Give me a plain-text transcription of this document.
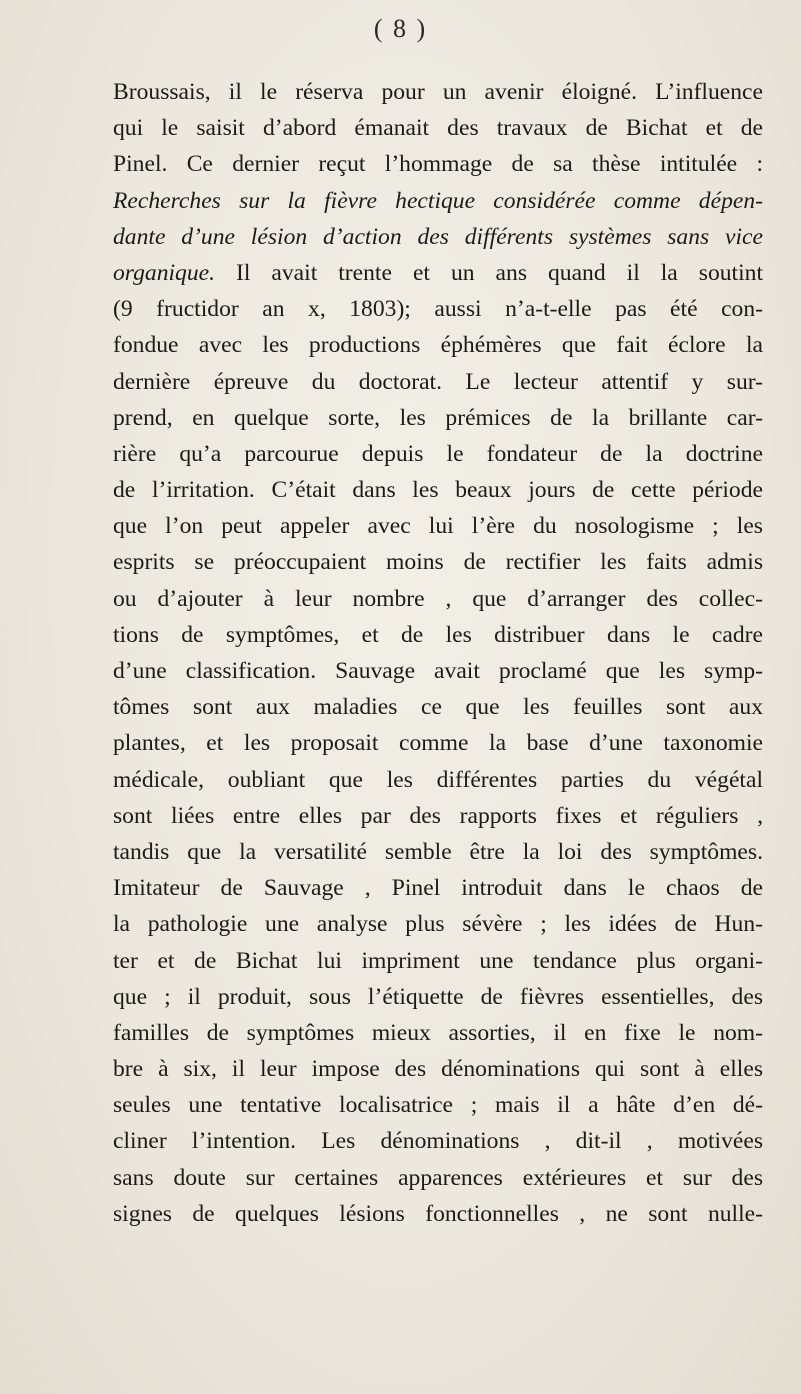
( 8 )
Broussais, il le réserva pour un avenir éloigné. L’influence
qui le saisit d’abord émanait des travaux de Bichat et de
Pinel. Ce dernier reçut l’hommage de sa thèse intitulée :
Recherches sur la fièvre hectique considérée comme dépen-
dante d’une lésion d’action des différents systèmes sans vice
organique. Il avait trente et un ans quand il la soutint
(9 fructidor an x, 1803); aussi n’a-t-elle pas été con-
fondue avec les productions éphémères que fait éclore la
dernière épreuve du doctorat. Le lecteur attentif y sur-
prend, en quelque sorte, les prémices de la brillante car-
rière qu’a parcourue depuis le fondateur de la doctrine
de l’irritation. C’était dans les beaux jours de cette période
que l’on peut appeler avec lui l’ère du nosologisme ; les
esprits se préoccupaient moins de rectifier les faits admis
ou d’ajouter à leur nombre , que d’arranger des collec-
tions de symptômes, et de les distribuer dans le cadre
d’une classification. Sauvage avait proclamé que les symp-
tômes sont aux maladies ce que les feuilles sont aux
plantes, et les proposait comme la base d’une taxonomie
médicale, oubliant que les différentes parties du végétal
sont liées entre elles par des rapports fixes et réguliers ,
tandis que la versatilité semble être la loi des symptômes.
Imitateur de Sauvage , Pinel introduit dans le chaos de
la pathologie une analyse plus sévère ; les idées de Hun-
ter et de Bichat lui impriment une tendance plus organi-
que ; il produit, sous l’étiquette de fièvres essentielles, des
familles de symptômes mieux assorties, il en fixe le nom-
bre à six, il leur impose des dénominations qui sont à elles
seules une tentative localisatrice ; mais il a hâte d’en dé-
cliner l’intention. Les dénominations , dit-il , motivées
sans doute sur certaines apparences extérieures et sur des
signes de quelques lésions fonctionnelles , ne sont nulle-
